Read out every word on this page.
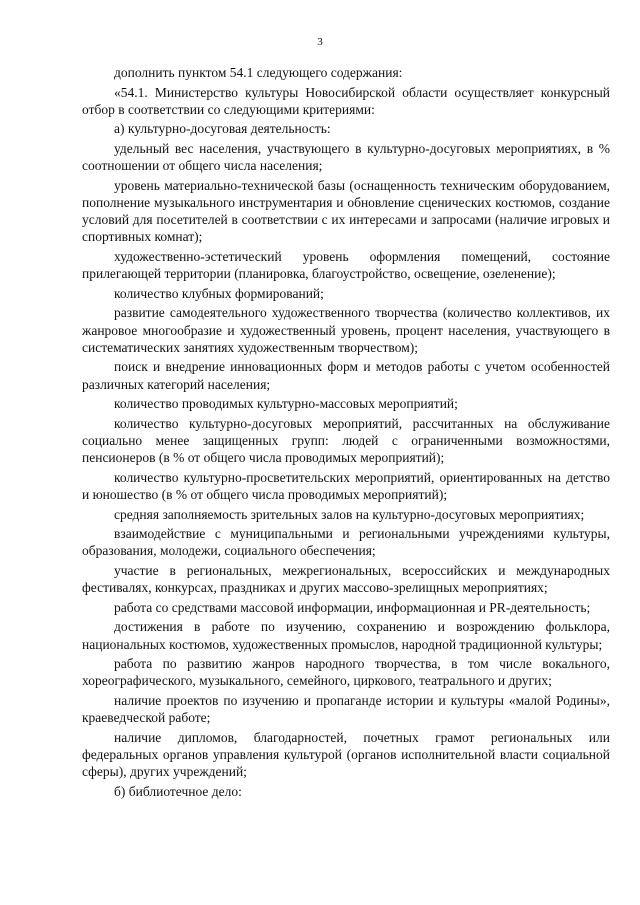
3

дополнить пунктом 54.1 следующего содержания:

«54.1. Министерство культуры Новосибирской области осуществляет конкурсный отбор в соответствии со следующими критериями:

а) культурно-досуговая деятельность:

удельный вес населения, участвующего в культурно-досуговых мероприятиях, в % соотношении от общего числа населения;

уровень материально-технической базы (оснащенность техническим оборудованием, пополнение музыкального инструментария и обновление сценических костюмов, создание условий для посетителей в соответствии с их интересами и запросами (наличие игровых и спортивных комнат);

художественно-эстетический уровень оформления помещений, состояние прилегающей территории (планировка, благоустройство, освещение, озеленение);

количество клубных формирований;

развитие самодеятельного художественного творчества (количество коллективов, их жанровое многообразие и художественный уровень, процент населения, участвующего в систематических занятиях художественным творчеством);

поиск и внедрение инновационных форм и методов работы с учетом особенностей различных категорий населения;

количество проводимых культурно-массовых мероприятий;

количество культурно-досуговых мероприятий, рассчитанных на обслуживание социально менее защищенных групп: людей с ограниченными возможностями, пенсионеров (в % от общего числа проводимых мероприятий);

количество культурно-просветительских мероприятий, ориентированных на детство и юношество (в % от общего числа проводимых мероприятий);

средняя заполняемость зрительных залов на культурно-досуговых мероприятиях;

взаимодействие с муниципальными и региональными учреждениями культуры, образования, молодежи, социального обеспечения;

участие в региональных, межрегиональных, всероссийских и международных фестивалях, конкурсах, праздниках и других массово-зрелищных мероприятиях;

работа со средствами массовой информации, информационная и PR-деятельность;

достижения в работе по изучению, сохранению и возрождению фольклора, национальных костюмов, художественных промыслов, народной традиционной культуры;

работа по развитию жанров народного творчества, в том числе вокального, хореографического, музыкального, семейного, циркового, театрального и других;

наличие проектов по изучению и пропаганде истории и культуры «малой Родины», краеведческой работе;

наличие дипломов, благодарностей, почетных грамот региональных или федеральных органов управления культурой (органов исполнительной власти социальной сферы), других учреждений;

б) библиотечное дело:
